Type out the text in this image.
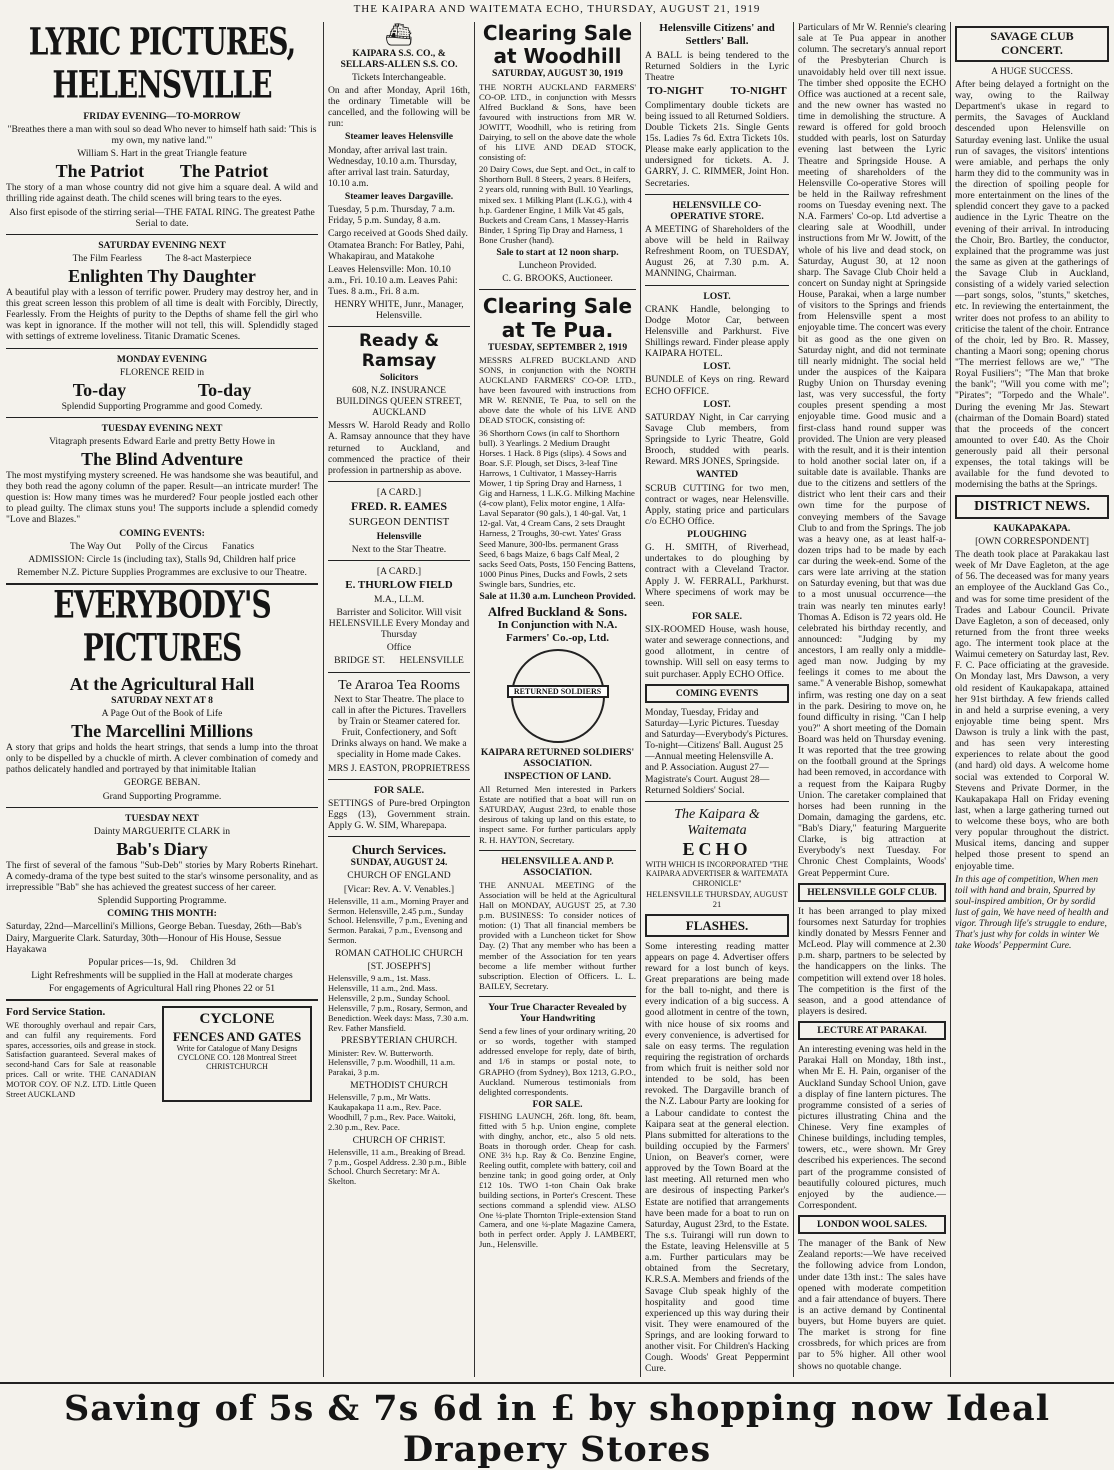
THE KAIPARA AND WAITEMATA ECHO, THURSDAY, AUGUST 21, 1919
LYRIC PICTURES, HELENSVILLE

FRIDAY EVENING—TO-MORROW

"Breathes there a man with soul so dead Who never to himself hath said: 'This is my own, my native land.'"

William S. Hart in the great Triangle feature

The Patriot        The Patriot

The story of a man whose country did not give him a square deal. A wild and thrilling ride against death. The child scenes will bring tears to the eyes.

Also first episode of the stirring serial—THE FATAL RING. The greatest Pathe Serial to date.

SATURDAY EVENING NEXT

The Film Fearless          The 8-act Masterpiece

Enlighten Thy Daughter

A beautiful play with a lesson of terrific power. Prudery may destroy her, and in this great screen lesson this problem of all time is dealt with Forcibly, Directly, Fearlessly. From the Heights of purity to the Depths of shame fell the girl who was kept in ignorance. If the mother will not tell, this will. Splendidly staged with settings of extreme loveliness. Titanic Dramatic Scenes.

MONDAY EVENING

FLORENCE REID in

To-day                To-day

Splendid Supporting Programme and good Comedy.

TUESDAY EVENING NEXT

Vitagraph presents Edward Earle and pretty Betty Howe in

The Blind Adventure

The most mystifying mystery screened. He was handsome she was beautiful, and they both read the agony column of the paper. Result—an intricate murder! The question is: How many times was he murdered? Four people jostled each other to plead guilty. The climax stuns you! The supports include a splendid comedy "Love and Blazes."

COMING EVENTS:

The Way Out      Polly of the Circus      Fanatics

ADMISSION: Circle 1s (including tax), Stalls 9d, Children half price

Remember N.Z. Picture Supplies Programmes are exclusive to our Theatre.

EVERYBODY'S PICTURES
At the Agricultural Hall

SATURDAY NEXT AT 8

A Page Out of the Book of Life

The Marcellini Millions

A story that grips and holds the heart strings, that sends a lump into the throat only to be dispelled by a chuckle of mirth. A clever combination of comedy and pathos delicately handled and portrayed by that inimitable Italian

GEORGE BEBAN.

Grand Supporting Programme.

TUESDAY NEXT

Dainty MARGUERITE CLARK in

Bab's Diary

The first of several of the famous "Sub-Deb" stories by Mary Roberts Rinehart. A comedy-drama of the type best suited to the star's winsome personality, and as irrepressible "Bab" she has achieved the greatest success of her career.

Splendid Supporting Programme.

COMING THIS MONTH:

Saturday, 22nd—Marcellini's Millions, George Beban. Tuesday, 26th—Bab's Dairy, Marguerite Clark. Saturday, 30th—Honour of His House, Sessue Hayakawa

Popular prices—1s, 9d.     Children 3d

Light Refreshments will be supplied in the Hall at moderate charges

For engagements of Agricultural Hall ring Phones 22 or 51

Ford Service Station.

WE thoroughly overhaul and repair Cars, and can fulfil any requirements. Ford spares, accessories, oils and grease in stock. Satisfaction guaranteed. Several makes of second-hand Cars for Sale at reasonable prices. Call or write. THE CANADIAN MOTOR COY. OF N.Z. LTD. Little Queen Street AUCKLAND

CYCLONE
FENCES AND GATES
Write for Catalogue of Many Designs
CYCLONE CO. 128 Montreal Street CHRISTCHURCH
⛴

KAIPARA S.S. CO., & SELLARS-ALLEN S.S. CO.

Tickets Interchangeable.

On and after Monday, April 16th, the ordinary Timetable will be cancelled, and the following will be run:

Steamer leaves Helensville

Monday, after arrival last train. Wednesday, 10.10 a.m. Thursday, after arrival last train. Saturday, 10.10 a.m.

Steamer leaves Dargaville.

Tuesday, 5 p.m. Thursday, 7 a.m. Friday, 5 p.m. Sunday, 8 a.m.

Cargo received at Goods Shed daily. Otamatea Branch: For Batley, Pahi, Whakapirau, and Matakohe

Leaves Helensville: Mon. 10.10 a.m., Fri. 10.10 a.m. Leaves Pahi: Tues. 8 a.m., Fri. 8 a.m.

HENRY WHITE, Junr., Manager, Helensville.

Ready & Ramsay

Solicitors

608, N.Z. INSURANCE BUILDINGS QUEEN STREET, AUCKLAND

Messrs W. Harold Ready and Rollo A. Ramsay announce that they have returned to Auckland, and commenced the practice of their profession in partnership as above.

[A CARD.]

FRED. R. EAMES

SURGEON DENTIST

Helensville

Next to the Star Theatre.

[A CARD.]

E. THURLOW FIELD

M.A., LL.M.

Barrister and Solicitor. Will visit HELENSVILLE Every Monday and Thursday

Office

BRIDGE ST.      HELENSVILLE

Te Araroa Tea Rooms

Next to Star Theatre. The place to call in after the Pictures. Travellers by Train or Steamer catered for. Fruit, Confectionery, and Soft Drinks always on hand. We make a speciality in Home made Cakes.

MRS J. EASTON, PROPRIETRESS

FOR SALE.

SETTINGS of Pure-bred Orpington Eggs (13), Government strain. Apply G. W. SIM, Wharepapa.

Church Services.

SUNDAY, AUGUST 24.

CHURCH OF ENGLAND

[Vicar: Rev. A. V. Venables.]

Helensville, 11 a.m., Morning Prayer and Sermon. Helensville, 2.45 p.m., Sunday School. Helensville, 7 p.m., Evening and Sermon. Parakai, 7 p.m., Evensong and Sermon.

ROMAN CATHOLIC CHURCH

[ST. JOSEPH'S]

Helensville, 9 a.m., 1st. Mass. Helensville, 11 a.m., 2nd. Mass. Helensville, 2 p.m., Sunday School. Helensville, 7 p.m., Rosary, Sermon, and Benediction. Week days: Mass, 7.30 a.m. Rev. Father Mansfield.

PRESBYTERIAN CHURCH.

Minister: Rev. W. Butterworth. Helensville, 7 p.m. Woodhill, 11 a.m. Parakai, 3 p.m.

METHODIST CHURCH

Helensville, 7 p.m., Mr Watts. Kaukapakapa 11 a.m., Rev. Pace. Woodhill, 7 p.m., Rev. Pace. Waitoki, 2.30 p.m., Rev. Pace.

CHURCH OF CHRIST.

Helensville, 11 a.m., Breaking of Bread. 7 p.m., Gospel Address. 2.30 p.m., Bible School. Church Secretary: Mr A. Skelton.

Clearing Sale at Woodhill

SATURDAY, AUGUST 30, 1919

THE NORTH AUCKLAND FARMERS' CO-OP. LTD., in conjunction with Messrs Alfred Buckland & Sons, have been favoured with instructions from MR W. JOWITT, Woodhill, who is retiring from Dairying, to sell on the above date the whole of his LIVE AND DEAD STOCK, consisting of:

20 Dairy Cows, due Sept. and Oct., in calf to Shorthorn Bull. 8 Steers, 2 years. 8 Heifers, 2 years old, running with Bull. 10 Yearlings, mixed sex. 1 Milking Plant (L.K.G.), with 4 h.p. Gardener Engine, 1 Milk Vat 45 gals, Buckets and Cream Cans, 1 Massey-Harris Binder, 1 Spring Tip Dray and Harness, 1 Bone Crusher (hand).

Sale to start at 12 noon sharp.

Luncheon Provided.

C. G. BROOKS, Auctioneer.

Clearing Sale at Te Pua.

TUESDAY, SEPTEMBER 2, 1919

MESSRS ALFRED BUCKLAND AND SONS, in conjunction with the NORTH AUCKLAND FARMERS' CO-OP. LTD., have been favoured with instructions from MR W. RENNIE, Te Pua, to sell on the above date the whole of his LIVE AND DEAD STOCK, consisting of:

36 Shorthorn Cows (in calf to Shorthorn bull). 3 Yearlings. 2 Medium Draught Horses. 1 Hack. 8 Pigs (slips). 4 Sows and Boar. S.F. Plough, set Discs, 3-leaf Tine Harrows, 1 Cultivator, 1 Massey-Harris Mower, 1 tip Spring Dray and Harness, 1 Gig and Harness, 1 L.K.G. Milking Machine (4-cow plant), Felix motor engine, 1 Alfa-Laval Separator (90 gals.), 1 40-gal. Vat, 1 12-gal. Vat, 4 Cream Cans, 2 sets Draught Harness, 2 Troughs, 30-cwt. Yates' Grass Seed Manure, 300-lbs. permanent Grass Seed, 6 bags Maize, 6 bags Calf Meal, 2 sacks Seed Oats, Posts, 150 Fencing Battens, 1000 Pinus Pines, Ducks and Fowls, 2 sets Swingle bars, Sundries, etc.

Sale at 11.30 a.m. Luncheon Provided.

Alfred Buckland & Sons.

In Conjunction with N.A. Farmers' Co.-op, Ltd.

RETURNED SOLDIERS

KAIPARA RETURNED SOLDIERS' ASSOCIATION.

INSPECTION OF LAND.

All Returned Men interested in Parkers Estate are notified that a boat will run on SATURDAY, August 23rd, to enable those desirous of taking up land on this estate, to inspect same. For further particulars apply R. H. HAYTON, Secretary.

HELENSVILLE A. AND P. ASSOCIATION.

THE ANNUAL MEETING of the Association will be held at the Agricultural Hall on MONDAY, AUGUST 25, at 7.30 p.m. BUSINESS: To consider notices of motion: (1) That all financial members be provided with a Luncheon ticket for Show Day. (2) That any member who has been a member of the Association for ten years become a life member without further subscription. Election of Officers. L. L. BAILEY, Secretary.

Your True Character Revealed by Your Handwriting

Send a few lines of your ordinary writing, 20 or so words, together with stamped addressed envelope for reply, date of birth, and 1/6 in stamps or postal note, to GRAPHO (from Sydney), Box 1213, G.P.O., Auckland. Numerous testimonials from delighted correspondents.

FOR SALE.

FISHING LAUNCH, 26ft. long, 8ft. beam, fitted with 5 h.p. Union engine, complete with dinghy, anchor, etc., also 5 old nets. Boats in thorough order. Cheap for cash. ONE 3½ h.p. Ray & Co. Benzine Engine, Reeling outfit, complete with battery, coil and benzine tank; in good going order, at Only £12 10s. TWO 1-ton Chain Oak brake building sections, in Porter's Crescent. These sections command a splendid view. ALSO One ¼-plate Thornton Triple-extension Stand Camera, and one ¼-plate Magazine Camera, both in perfect order. Apply J. LAMBERT, Jun., Helensville.

Helensville Citizens' and Settlers' Ball.

A BALL is being tendered to the Returned Soldiers in the Lyric Theatre

TO-NIGHT          TO-NIGHT

Complimentary double tickets are being issued to all Returned Soldiers. Double Tickets 21s. Single Gents 15s. Ladies 7s 6d. Extra Tickets 10s. Please make early application to the undersigned for tickets. A. J. GARRY, J. C. RIMMER, Joint Hon. Secretaries.

HELENSVILLE CO-OPERATIVE STORE.

A MEETING of Shareholders of the above will be held in Railway Refreshment Room, on TUESDAY, August 26, at 7.30 p.m. A. MANNING, Chairman.

LOST.

CRANK Handle, belonging to Dodge Motor Car, between Helensville and Parkhurst. Five Shillings reward. Finder please apply KAIPARA HOTEL.

LOST.

BUNDLE of Keys on ring. Reward ECHO OFFICE.

LOST.

SATURDAY Night, in Car carrying Savage Club members, from Springside to Lyric Theatre, Gold Brooch, studded with pearls. Reward. MRS JONES, Springside.

WANTED

SCRUB CUTTING for two men, contract or wages, near Helensville. Apply, stating price and particulars c/o ECHO Office.

PLOUGHING

G. H. SMITH, of Riverhead, undertakes to do ploughing by contract with a Cleveland Tractor. Apply J. W. FERRALL, Parkhurst. Where specimens of work may be seen.

FOR SALE.

SIX-ROOMED House, wash house, water and sewerage connections, and good allotment, in centre of township. Will sell on easy terms to suit purchaser. Apply ECHO Office.

COMING EVENTS

Monday, Tuesday, Friday and Saturday—Lyric Pictures. Tuesday and Saturday—Everybody's Pictures. To-night—Citizens' Ball. August 25—Annual meeting Helensville A. and P. Association. August 27—Magistrate's Court. August 28—Returned Soldiers' Social.

The Kaipara & Waitemata
ECHO

WITH WHICH IS INCORPORATED "THE KAIPARA ADVERTISER & WAITEMATA CHRONICLE"

HELENSVILLE THURSDAY, AUGUST 21

FLASHES.

Some interesting reading matter appears on page 4. Advertiser offers reward for a lost bunch of keys. Great preparations are being made for the ball to-night, and there is every indication of a big success. A good allotment in centre of the town, with nice house of six rooms and every convenience, is advertised for sale on easy terms. The regulation requiring the registration of orchards from which fruit is neither sold nor intended to be sold, has been revoked. The Dargaville branch of the N.Z. Labour Party are looking for a Labour candidate to contest the Kaipara seat at the general election. Plans submitted for alterations to the building occupied by the Farmers' Union, on Beaver's corner, were approved by the Town Board at the last meeting. All returned men who are desirous of inspecting Parker's Estate are notified that arrangements have been made for a boat to run on Saturday, August 23rd, to the Estate. The s.s. Tuirangi will run down to the Estate, leaving Helensville at 5 a.m. Further particulars may be obtained from the Secretary, K.R.S.A. Members and friends of the Savage Club speak highly of the hospitality and good time experienced up this way during their visit. They were enamoured of the Springs, and are looking forward to another visit. For Children's Hacking Cough. Woods' Great Peppermint Cure.

Particulars of Mr W. Rennie's clearing sale at Te Pua appear in another column. The secretary's annual report of the Presbyterian Church is unavoidably held over till next issue. The timber shed opposite the ECHO Office was auctioned at a recent sale, and the new owner has wasted no time in demolishing the structure. A reward is offered for gold brooch studded with pearls, lost on Saturday evening last between the Lyric Theatre and Springside House. A meeting of shareholders of the Helensville Co-operative Stores will be held in the Railway refreshment rooms on Tuesday evening next. The N.A. Farmers' Co-op. Ltd advertise a clearing sale at Woodhill, under instructions from Mr W. Jowitt, of the whole of his live and dead stock, on Saturday, August 30, at 12 noon sharp. The Savage Club Choir held a concert on Sunday night at Springside House, Parakai, when a large number of visitors to the Springs and friends from Helensville spent a most enjoyable time. The concert was every bit as good as the one given on Saturday night, and did not terminate till nearly midnight. The social held under the auspices of the Kaipara Rugby Union on Thursday evening last, was very successful, the forty couples present spending a most enjoyable time. Good music and a first-class hand round supper was provided. The Union are very pleased with the result, and it is their intention to hold another social later on, if a suitable date is available. Thanks are due to the citizens and settlers of the district who lent their cars and their own time for the purpose of conveying members of the Savage Club to and from the Springs. The job was a heavy one, as at least half-a-dozen trips had to be made by each car during the week-end. Some of the cars were late arriving at the station on Saturday evening, but that was due to a most unusual occurrence—the train was nearly ten minutes early! Thomas A. Edison is 72 years old. He celebrated his birthday recently, and announced: "Judging by my ancestors, I am really only a middle-aged man now. Judging by my feelings it comes to me about the same." A venerable Bishop, somewhat infirm, was resting one day on a seat in the park. Desiring to move on, he found difficulty in rising. "Can I help you?" A short meeting of the Domain Board was held on Thursday evening. It was reported that the tree growing on the football ground at the Springs had been removed, in accordance with a request from the Kaipara Rugby Union. The caretaker complained that horses had been running in the Domain, damaging the gardens, etc. "Bab's Diary," featuring Marguerite Clarke, is big attraction at Everybody's next Tuesday. For Chronic Chest Complaints, Woods' Great Peppermint Cure.

HELENSVILLE GOLF CLUB.

It has been arranged to play mixed foursomes next Saturday for trophies kindly donated by Messrs Fenner and McLeod. Play will commence at 2.30 p.m. sharp, partners to be selected by the handicappers on the links. The competition will extend over 18 holes. The competition is the first of the season, and a good attendance of players is desired.

LECTURE AT PARAKAI.

An interesting evening was held in the Parakai Hall on Monday, 18th inst., when Mr E. H. Pain, organiser of the Auckland Sunday School Union, gave a display of fine lantern pictures. The programme consisted of a series of pictures illustrating China and the Chinese. Very fine examples of Chinese buildings, including temples, towers, etc., were shown. Mr Grey described his experiences. The second part of the programme consisted of beautifully coloured pictures, much enjoyed by the audience.—Correspondent.

LONDON WOOL SALES.

The manager of the Bank of New Zealand reports:—We have received the following advice from London, under date 13th inst.: The sales have opened with moderate competition and a fair attendance of buyers. There is an active demand by Continental buyers, but Home buyers are quiet. The market is strong for fine crossbreds, for which prices are from par to 5% higher. All other wool shows no quotable change.

SAVAGE CLUB CONCERT.

A HUGE SUCCESS.

After being delayed a fortnight on the way, owing to the Railway Department's ukase in regard to permits, the Savages of Auckland descended upon Helensville on Saturday evening last. Unlike the usual run of savages, the visitors' intentions were amiable, and perhaps the only harm they did to the community was in the direction of spoiling people for more entertainment on the lines of the splendid concert they gave to a packed audience in the Lyric Theatre on the evening of their arrival. In introducing the Choir, Bro. Bartley, the conductor, explained that the programme was just the same as given at the gatherings of the Savage Club in Auckland, consisting of a widely varied selection—part songs, solos, "stunts," sketches, etc. In reviewing the entertainment, the writer does not profess to an ability to criticise the talent of the choir. Entrance of the choir, led by Bro. R. Massey, chanting a Maori song; opening chorus "The merriest fellows are we," "The Royal Fusiliers"; "The Man that broke the bank"; "Will you come with me"; "Pirates"; "Torpedo and the Whale". During the evening Mr Jas. Stewart (chairman of the Domain Board) stated that the proceeds of the concert amounted to over £40. As the Choir generously paid all their personal expenses, the total takings will be available for the fund devoted to modernising the baths at the Springs.

DISTRICT NEWS.

KAUKAPAKAPA.

[OWN CORRESPONDENT]

The death took place at Parakakau last week of Mr Dave Eagleton, at the age of 56. The deceased was for many years an employee of the Auckland Gas Co., and was for some time president of the Trades and Labour Council. Private Dave Eagleton, a son of deceased, only returned from the front three weeks ago. The interment took place at the Waimui cemetery on Saturday last, Rev. F. C. Pace officiating at the graveside. On Monday last, Mrs Dawson, a very old resident of Kaukapakapa, attained her 91st birthday. A few friends called in and held a surprise evening, a very enjoyable time being spent. Mrs Dawson is truly a link with the past, and has seen very interesting experiences to relate about the good (and hard) old days. A welcome home social was extended to Corporal W. Stevens and Private Dormer, in the Kaukapakapa Hall on Friday evening last, when a large gathering turned out to welcome these boys, who are both very popular throughout the district. Musical items, dancing and supper helped those present to spend an enjoyable time.

In this age of competition, When men toil with hand and brain, Spurred by soul-inspired ambition, Or by sordid lust of gain, We have need of health and vigor. Through life's struggle to endure, That's just why for colds in winter We take Woods' Peppermint Cure.

Saving of 5s & 7s 6d in £ by shopping now Ideal Drapery Stores
